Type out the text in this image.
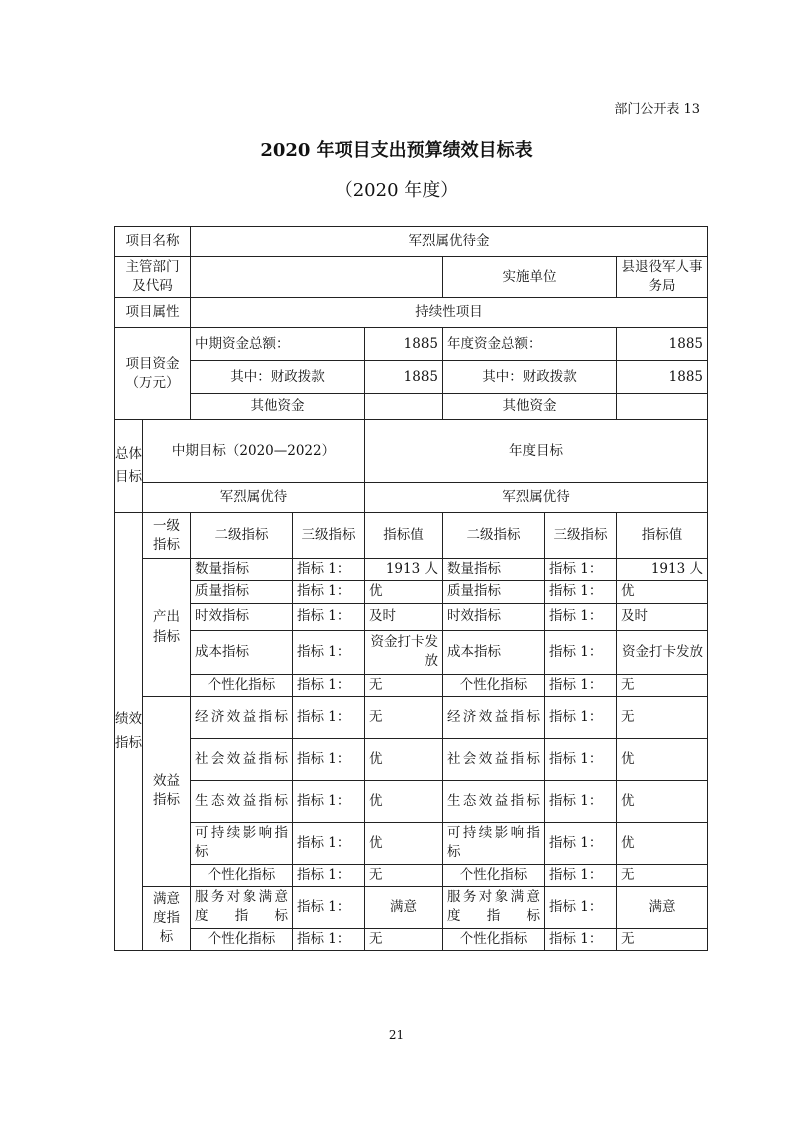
部门公开表 13
2020 年项目支出预算绩效目标表
（2020 年度）
项目名称		军烈属优待金					
主管部门及代码					实施单位		县退役军人事务局
项目属性		持续性项目					
项目资金（万元）		中期资金总额：		1885	年度资金总额：		1885
		其中：财政拨款		1885	其中：财政拨款		1885
		其他资金			其他资金		
总体目标	中期目标（2020—2022）			年度目标			
	军烈属优待			军烈属优待			
绩效指标	一级指标	二级指标	三级指标	指标值	二级指标	三级指标	指标值
	产出指标	数量指标	指标 1：	1913 人	数量指标	指标 1：	1913 人
		质量指标	指标 1：	优	质量指标	指标 1：	优
		时效指标	指标 1：	及时	时效指标	指标 1：	及时
		成本指标	指标 1：	资金打卡发放	成本指标	指标 1：	资金打卡发放
		个性化指标	指标 1：	无	个性化指标	指标 1：	无
	效益指标	经济效益指标	指标 1：	无	经济效益指标	指标 1：	无
		社会效益指标	指标 1：	优	社会效益指标	指标 1：	优
		生态效益指标	指标 1：	优	生态效益指标	指标 1：	优
		可持续影响指标	指标 1：	优	可持续影响指标	指标 1：	优
		个性化指标	指标 1：	无	个性化指标	指标 1：	无
	满意度指标	服务对象满意度指标	指标 1：	满意	服务对象满意度指标	指标 1：	满意
		个性化指标	指标 1：	无	个性化指标	指标 1：	无
21
